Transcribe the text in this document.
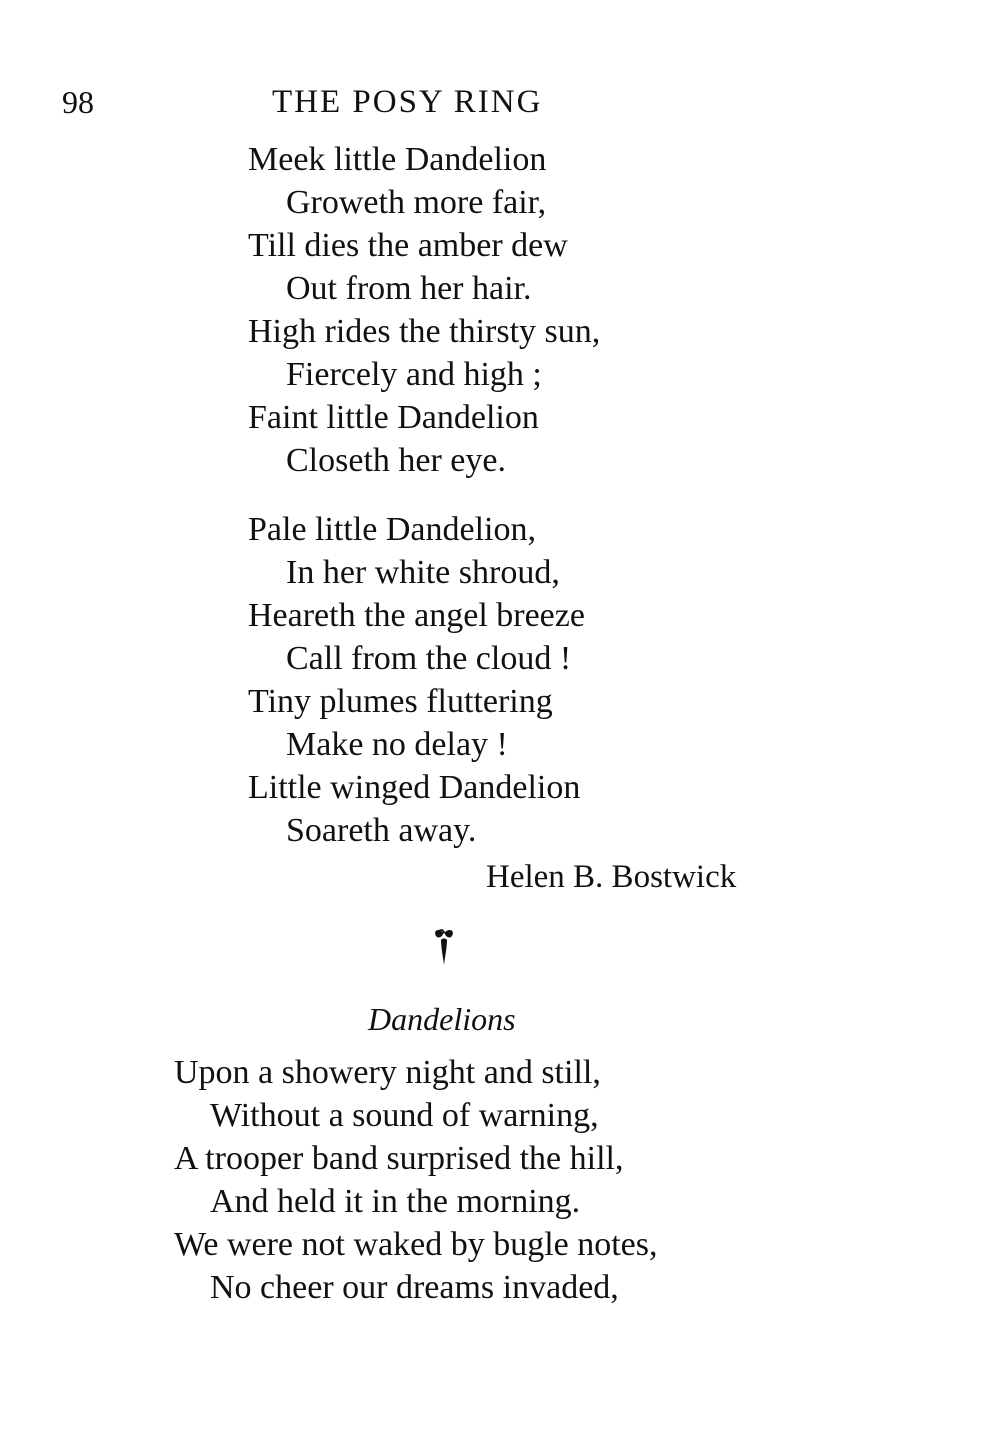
98	THE POSY RING
Meek little Dandelion
Groweth more fair,
Till dies the amber dew
Out from her hair.
High rides the thirsty sun,
Fiercely and high ;
Faint little Dandelion
Closeth her eye.
Pale little Dandelion,
In her white shroud,
Heareth the angel breeze
Call from the cloud !
Tiny plumes fluttering
Make no delay !
Little winged Dandelion
Soareth away.
Helen B. Bostwick
Dandelions
Upon a showery night and still,
Without a sound of warning,
A trooper band surprised the hill,
And held it in the morning.
We were not waked by bugle notes,
No cheer our dreams invaded,
